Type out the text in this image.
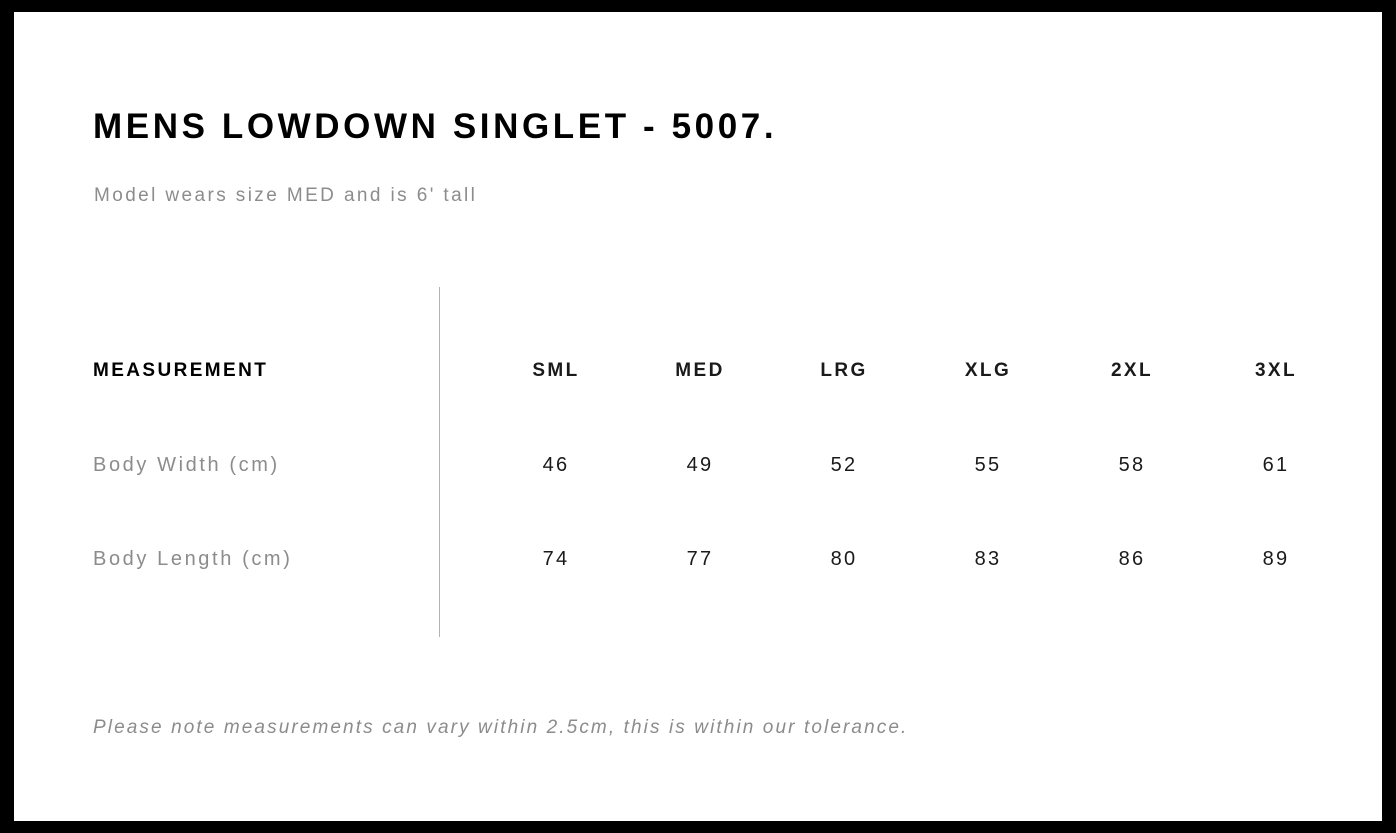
MENS LOWDOWN SINGLET - 5007.
Model wears size MED and is 6' tall
MEASUREMENT	SML	MED	LRG	XLG	2XL	3XL
Body Width (cm)	46	49	52	55	58	61
Body Length (cm)	74	77	80	83	86	89
Please note measurements can vary within 2.5cm, this is within our tolerance.
